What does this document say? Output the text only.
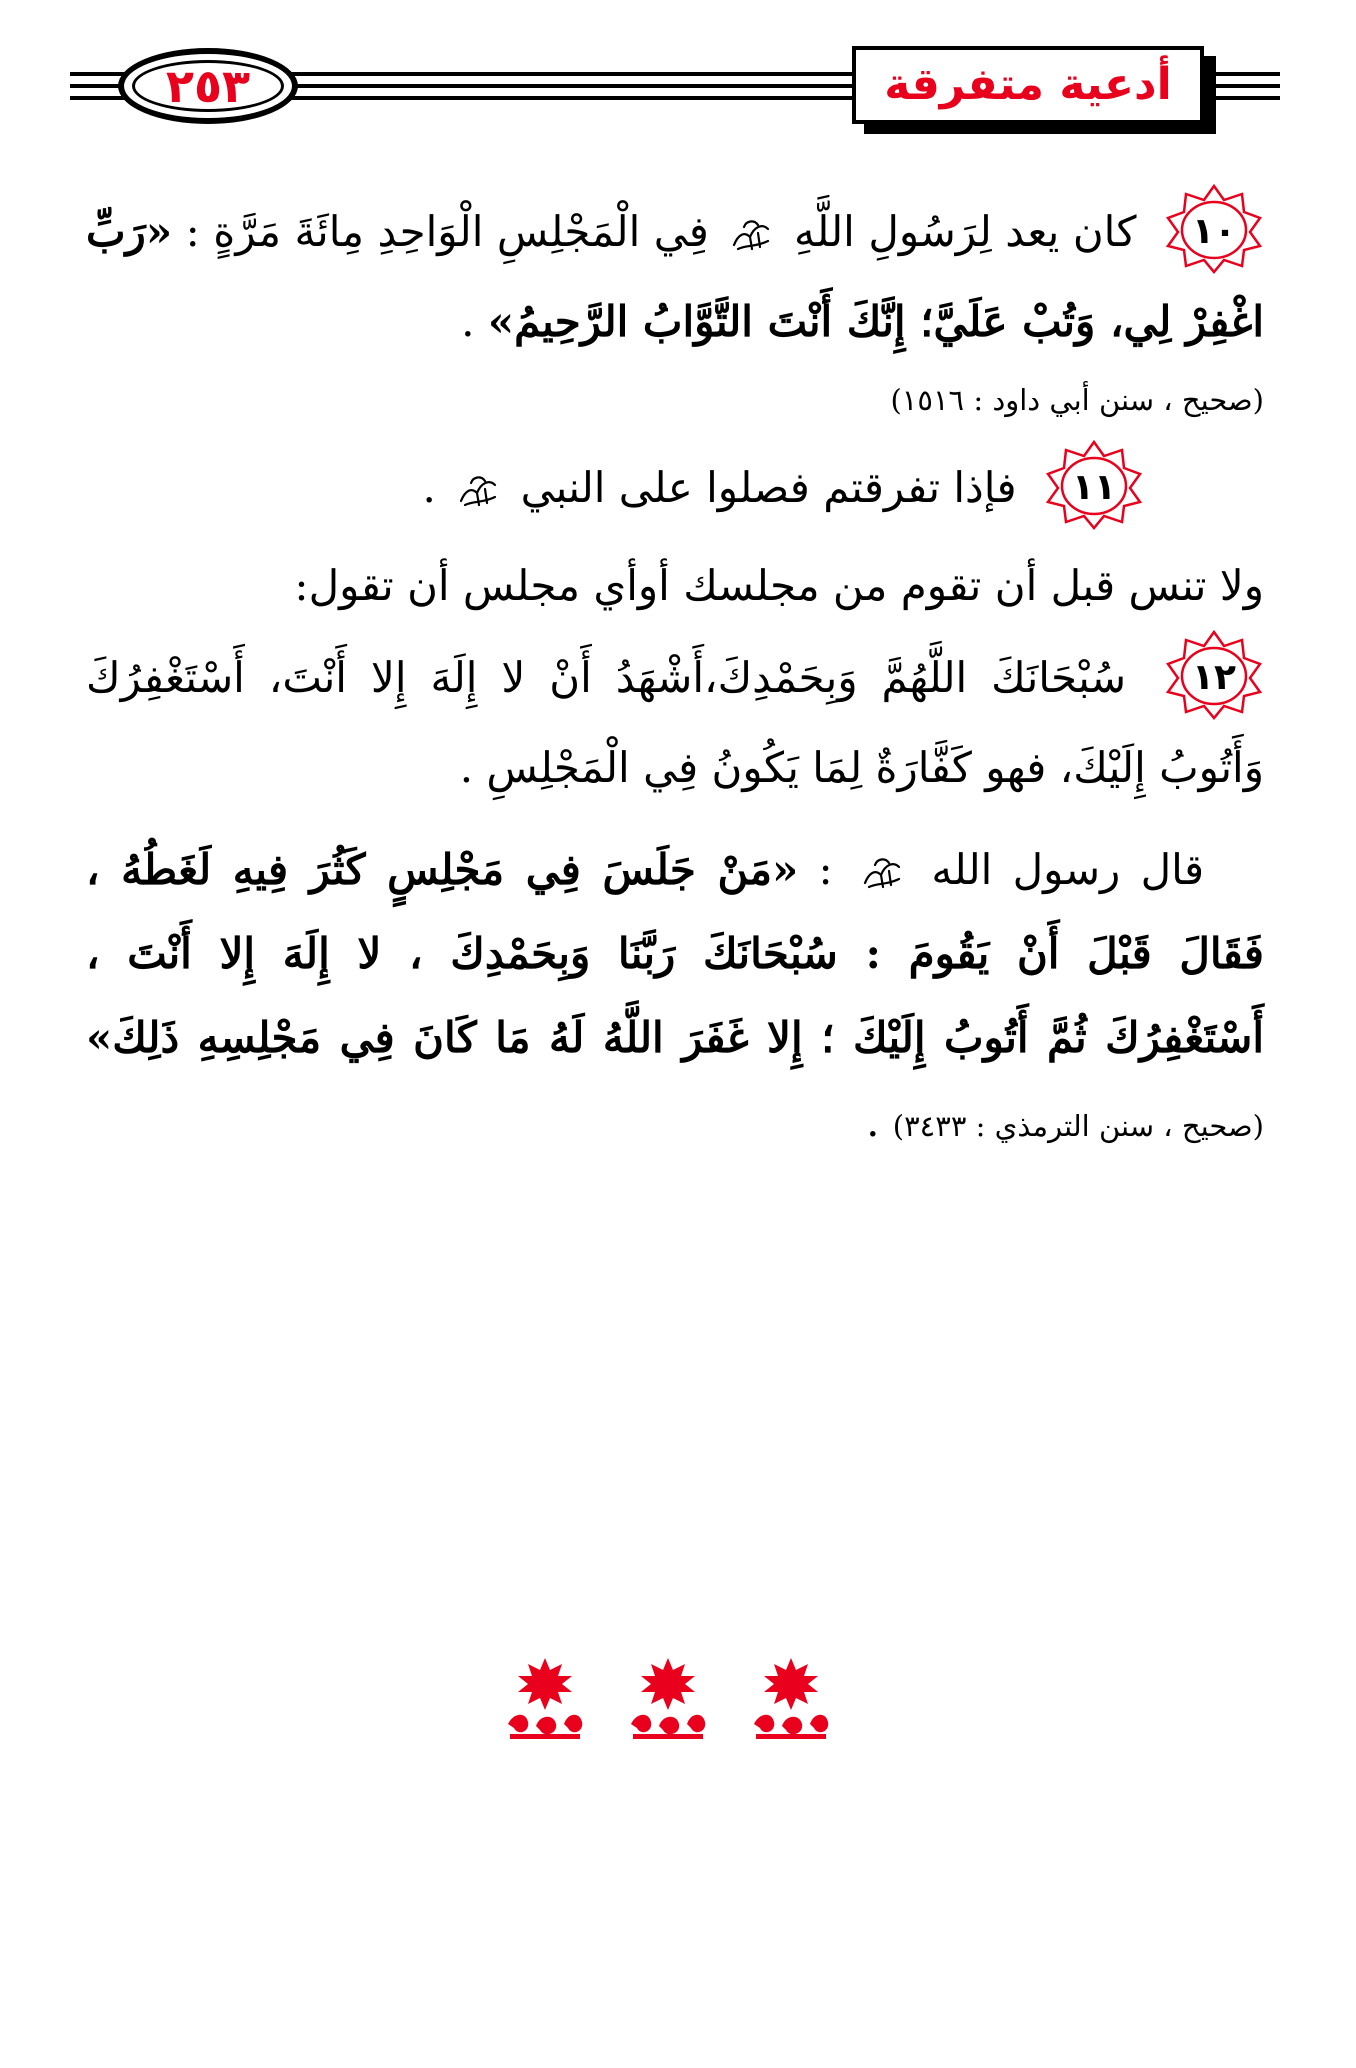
٢٥٣	أدعية متفرقة

١٠
كان يعد لِرَسُولِ اللَّهِ
فِي الْمَجْلِسِ الْوَاحِدِ مِائَةَ مَرَّةٍ : «رَبِّ اغْفِرْ لِي، وَتُبْ عَلَيَّ؛ إِنَّكَ أَنْتَ التَّوَّابُ الرَّحِيمُ» .

(صحيح ، سنن أبي داود : ١٥١٦)

١١
فإذا تفرقتم فصلوا على النبي
.

ولا تنس قبل أن تقوم من مجلسك أوأي مجلس أن تقول:

١٢
سُبْحَانَكَ اللَّهُمَّ وَبِحَمْدِكَ،أَشْهَدُ أَنْ لا إِلَهَ إِلا أَنْتَ، أَسْتَغْفِرُكَ وَأَتُوبُ إِلَيْكَ، فهو كَفَّارَةٌ لِمَا يَكُونُ فِي الْمَجْلِسِ .

قال رسول الله
: «مَنْ جَلَسَ فِي مَجْلِسٍ كَثُرَ فِيهِ لَغَطُهُ ، فَقَالَ قَبْلَ أَنْ يَقُومَ : سُبْحَانَكَ رَبَّنَا وَبِحَمْدِكَ ، لا إِلَهَ إِلا أَنْتَ ، أَسْتَغْفِرُكَ ثُمَّ أَتُوبُ إِلَيْكَ ؛ إِلا غَفَرَ اللَّهُ لَهُ مَا كَانَ فِي مَجْلِسِهِ ذَلِكَ» (صحيح ، سنن الترمذي : ٣٤٣٣) .
